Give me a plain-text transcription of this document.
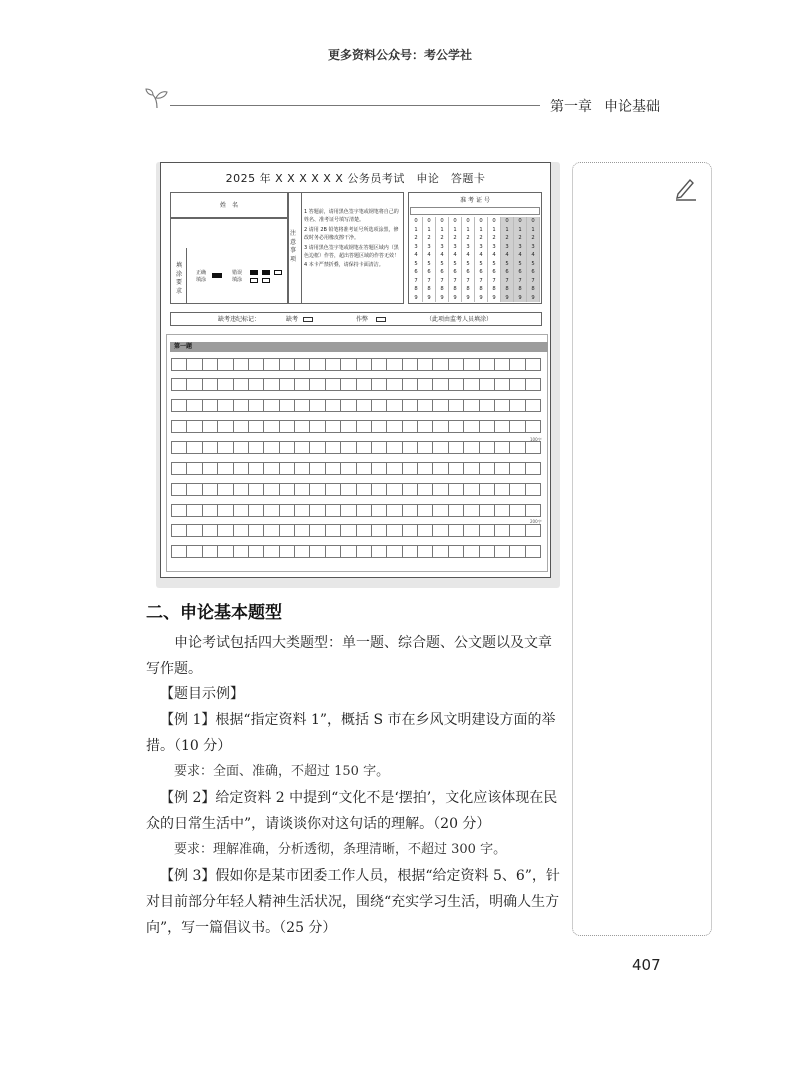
更多资料公众号：考公学社
第一章 申论基础
2025 年 X X X X X X 公务员考试　申论　答题卡
姓　名
填涂要求
正确填涂
错误填涂
注意事项
1 答题前，请用黑色签字笔或钢笔将自己的姓名、准考证号填写清楚。
2 请用 2B 铅笔将准考证号所选项涂黑，修改时务必用橡皮擦干净。
3 请用黑色签字笔或钢笔在答题区域内（黑色边框）作答，超出答题区域的作答无效！
4 本卡严禁折叠，请保持卡面清洁。
准 考 证 号
0	0	0	0	0	0	0	0	0	0
1	1	1	1	1	1	1	1	1	1
2	2	2	2	2	2	2	2	2	2
3	3	3	3	3	3	3	3	3	3
4	4	4	4	4	4	4	4	4	4
5	5	5	5	5	5	5	5	5	5
6	6	6	6	6	6	6	6	6	6
7	7	7	7	7	7	7	7	7	7
8	8	8	8	8	8	8	8	8	8
9	9	9	9	9	9	9	9	9	9
缺考违纪标记：	缺考	作弊	（此项由监考人员填涂）
第一题
100字
200字
二、申论基本题型
申论考试包括四大类题型：单一题、综合题、公文题以及文章写作题。
【题目示例】
【例 1】根据“指定资料 1”，概括 S 市在乡风文明建设方面的举措。（10 分）
要求：全面、准确，不超过 150 字。
【例 2】给定资料 2 中提到“文化不是‘摆拍’，文化应该体现在民众的日常生活中”，请谈谈你对这句话的理解。（20 分）
要求：理解准确，分析透彻，条理清晰，不超过 300 字。
【例 3】假如你是某市团委工作人员，根据“给定资料 5、6”，针对目前部分年轻人精神生活状况，围绕“充实学习生活，明确人生方向”，写一篇倡议书。（25 分）
407
